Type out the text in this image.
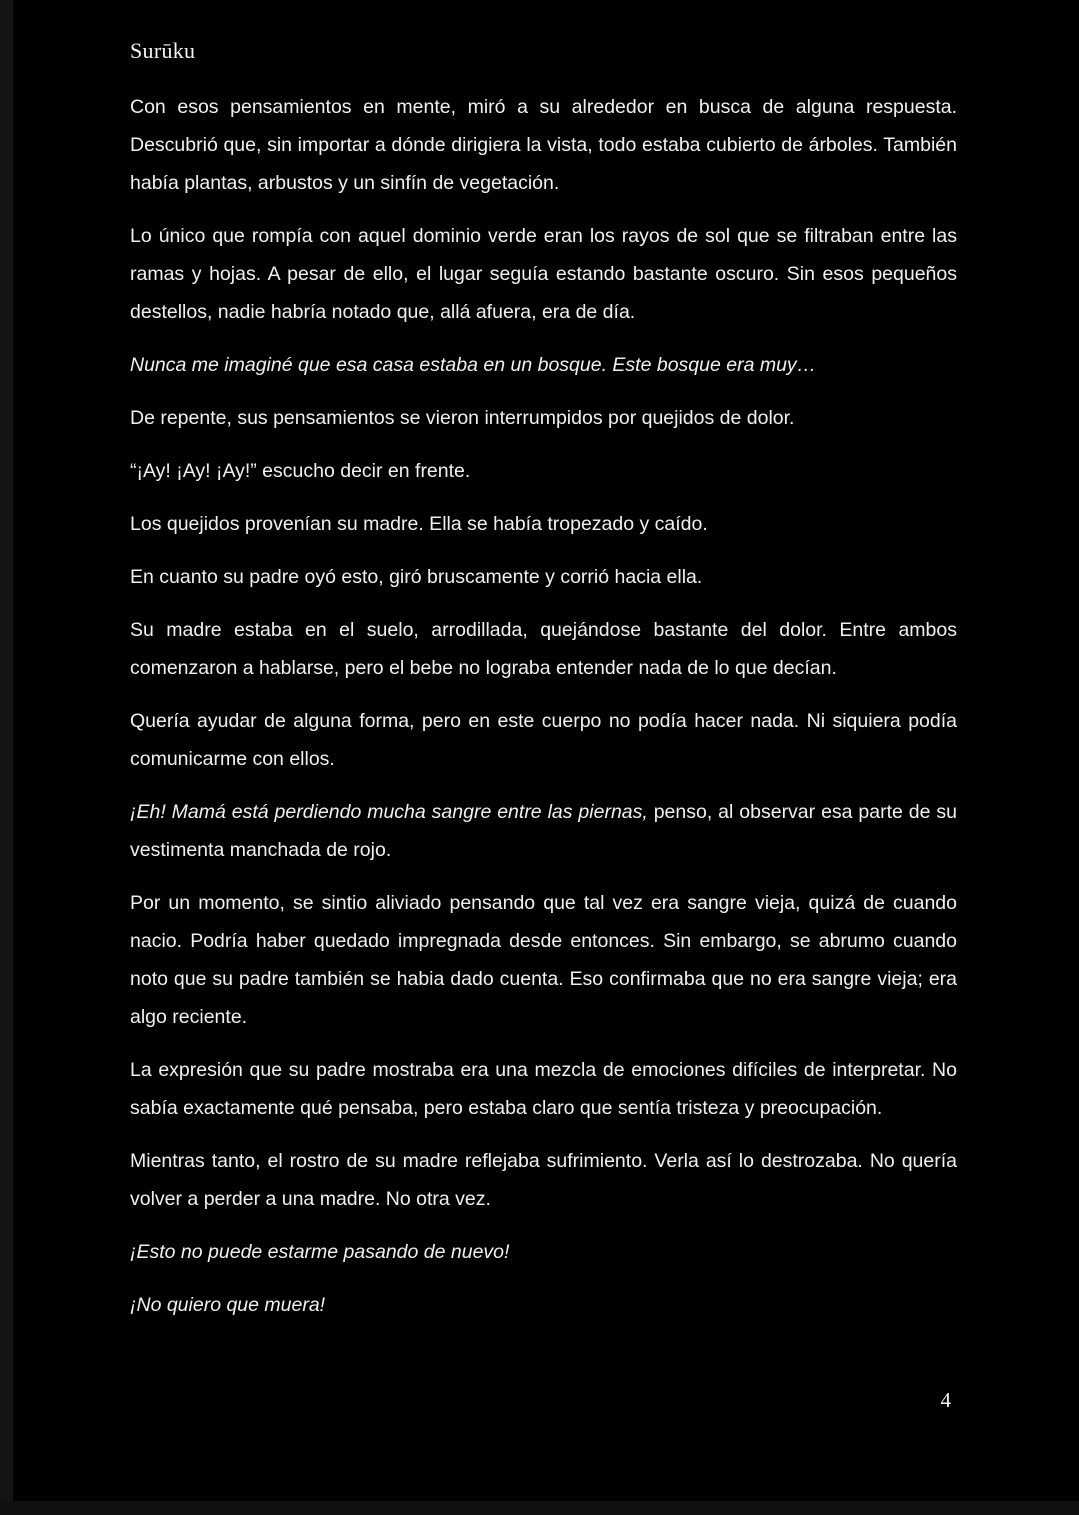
Surūku

Con esos pensamientos en mente, miró a su alrededor en busca de alguna respuesta. Descubrió que, sin importar a dónde dirigiera la vista, todo estaba cubierto de árboles. También había plantas, arbustos y un sinfín de vegetación.

Lo único que rompía con aquel dominio verde eran los rayos de sol que se filtraban entre las ramas y hojas. A pesar de ello, el lugar seguía estando bastante oscuro. Sin esos pequeños destellos, nadie habría notado que, allá afuera, era de día.

Nunca me imaginé que esa casa estaba en un bosque. Este bosque era muy…

De repente, sus pensamientos se vieron interrumpidos por quejidos de dolor.

“¡Ay! ¡Ay! ¡Ay!” escucho decir en frente.

Los quejidos provenían su madre. Ella se había tropezado y caído.

En cuanto su padre oyó esto, giró bruscamente y corrió hacia ella.

Su madre estaba en el suelo, arrodillada, quejándose bastante del dolor. Entre ambos comenzaron a hablarse, pero el bebe no lograba entender nada de lo que decían.

Quería ayudar de alguna forma, pero en este cuerpo no podía hacer nada. Ni siquiera podía comunicarme con ellos.

¡Eh! Mamá está perdiendo mucha sangre entre las piernas, penso, al observar esa parte de su vestimenta manchada de rojo.

Por un momento, se sintio aliviado pensando que tal vez era sangre vieja, quizá de cuando nacio. Podría haber quedado impregnada desde entonces. Sin embargo, se abrumo cuando noto que su padre también se habia dado cuenta. Eso confirmaba que no era sangre vieja; era algo reciente.

La expresión que su padre mostraba era una mezcla de emociones difíciles de interpretar. No sabía exactamente qué pensaba, pero estaba claro que sentía tristeza y preocupación.

Mientras tanto, el rostro de su madre reflejaba sufrimiento. Verla así lo destrozaba. No quería volver a perder a una madre. No otra vez.

¡Esto no puede estarme pasando de nuevo!

¡No quiero que muera!

4
